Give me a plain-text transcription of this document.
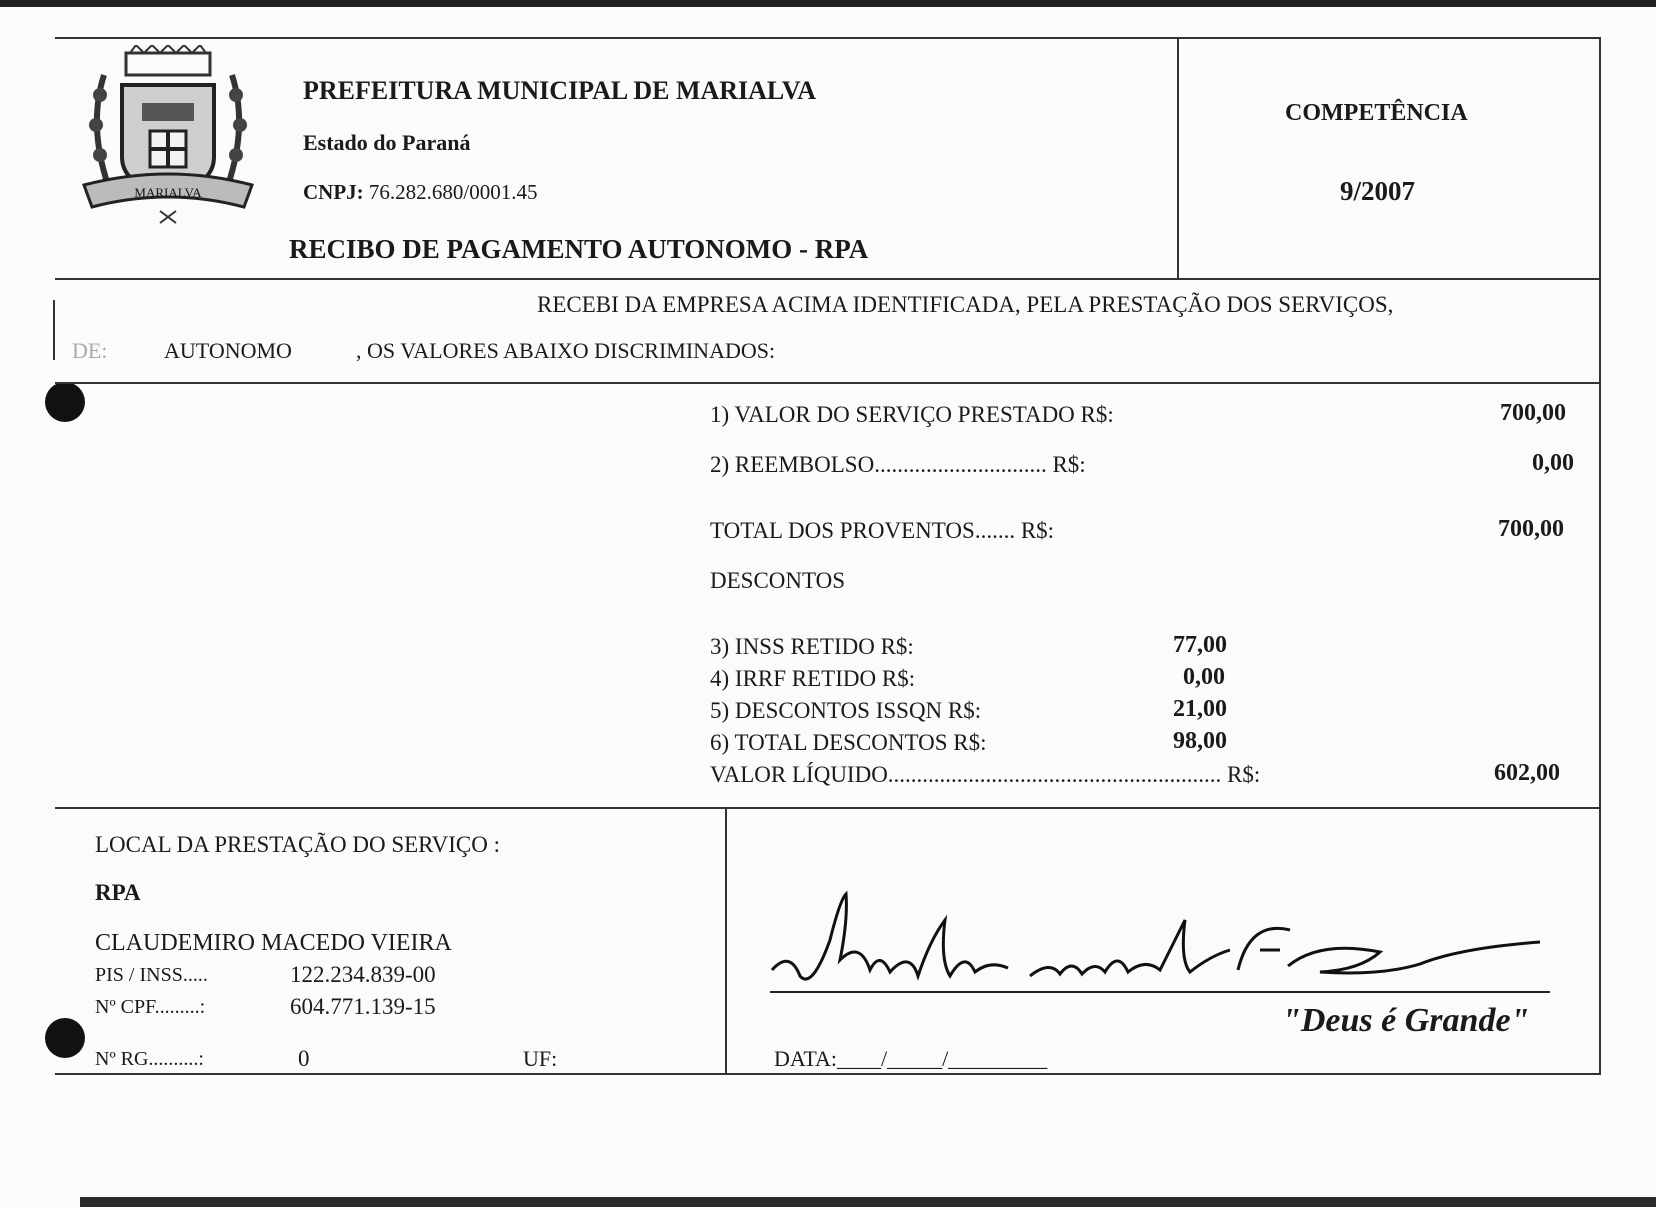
MARIALVA
PREFEITURA MUNICIPAL DE MARIALVA
Estado do Paraná
CNPJ: 76.282.680/0001.45
RECIBO DE PAGAMENTO AUTONOMO - RPA
COMPETÊNCIA
9/2007
RECEBI DA EMPRESA ACIMA IDENTIFICADA, PELA PRESTAÇÃO DOS SERVIÇOS,
DE:	AUTONOMO	, OS VALORES ABAIXO DISCRIMINADOS:
1) VALOR DO SERVIÇO PRESTADO R$:	700,00
2) REEMBOLSO.............................. R$:	0,00
TOTAL DOS PROVENTOS....... R$:	700,00
DESCONTOS
3) INSS RETIDO R$:	77,00
4) IRRF RETIDO R$:	0,00
5) DESCONTOS ISSQN R$:	21,00
6) TOTAL DESCONTOS R$:	98,00
VALOR LÍQUIDO.......................................................... R$:	602,00
LOCAL DA PRESTAÇÃO DO SERVIÇO :
RPA
CLAUDEMIRO MACEDO VIEIRA
PIS / INSS.....	122.234.839-00
Nº CPF.........:	604.771.139-15
Nº RG..........:	0	UF:
"Deus é Grande"
DATA:____/_____/_________
